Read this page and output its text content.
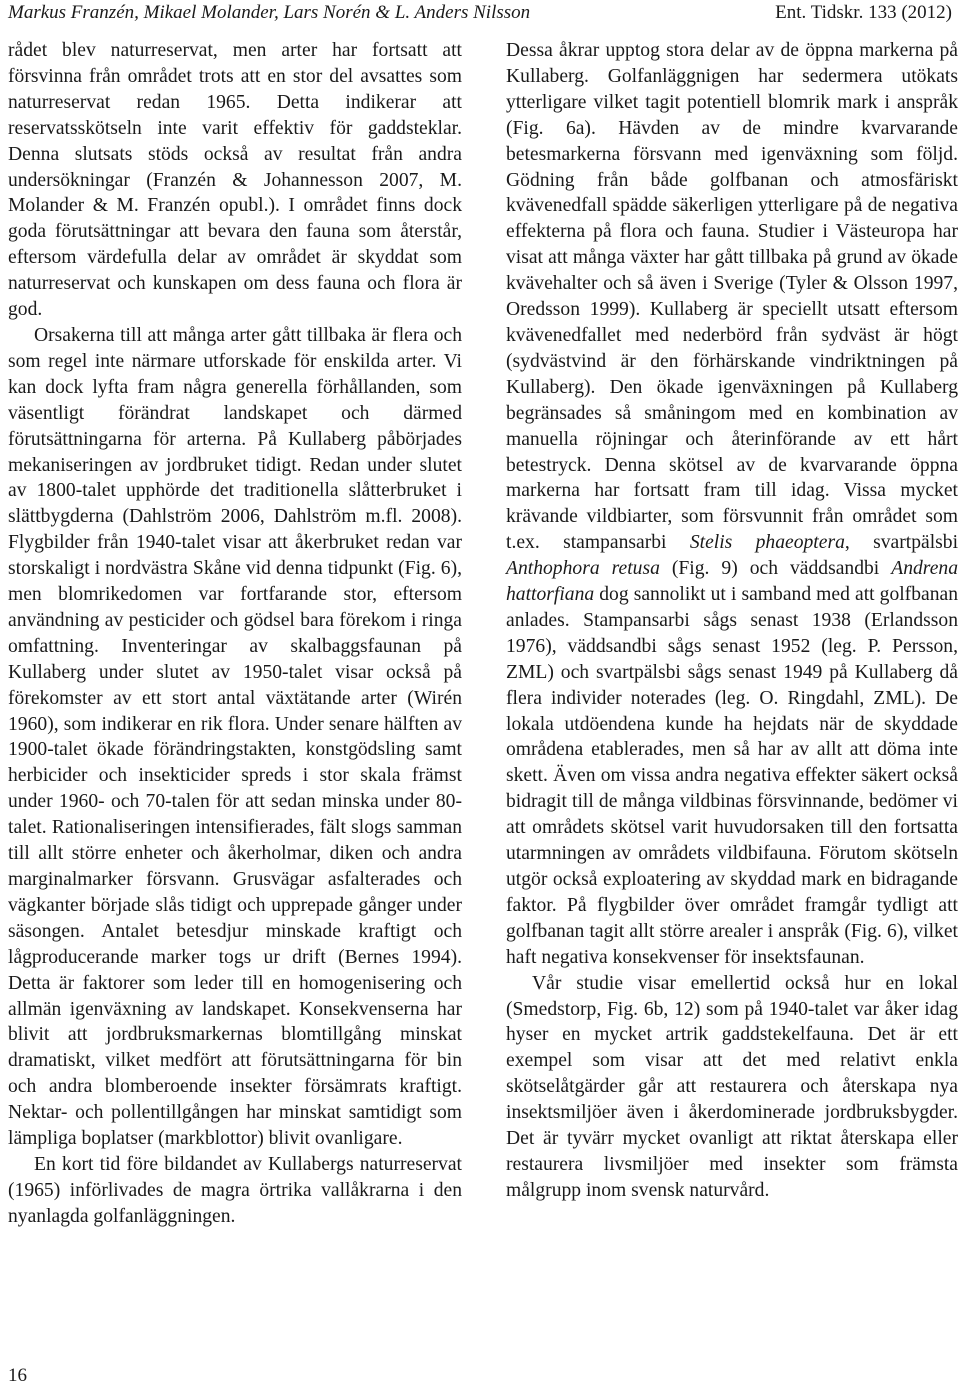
Markus Franzén, Mikael Molander, Lars Norén & L. Anders Nilsson	Ent. Tidskr. 133 (2012)

rådet blev naturreservat, men arter har fortsatt att försvinna från området trots att en stor del avsattes som naturreservat redan 1965. Detta indikerar att reservatsskötseln inte varit effektiv för gaddsteklar. Denna slutsats stöds också av resultat från andra undersökningar (Franzén & Johannesson 2007, M. Molander & M. Franzén opubl.). I området finns dock goda förutsättningar att bevara den fauna som återstår, eftersom värdefulla delar av området är skyddat som naturreservat och kunskapen om dess fauna och flora är god.

Orsakerna till att många arter gått tillbaka är flera och som regel inte närmare utforskade för enskilda arter. Vi kan dock lyfta fram några generella förhållanden, som väsentligt förändrat landskapet och därmed förutsättningarna för arterna. På Kullaberg påbörjades mekaniseringen av jordbruket tidigt. Redan under slutet av 1800-talet upphörde det traditionella slåtterbruket i slättbygderna (Dahlström 2006, Dahlström m.fl. 2008). Flygbilder från 1940-talet visar att åkerbruket redan var storskaligt i nordvästra Skåne vid denna tidpunkt (Fig. 6), men blomrikedomen var fortfarande stor, eftersom användning av pesticider och gödsel bara förekom i ringa omfattning. Inventeringar av skalbaggsfaunan på Kullaberg under slutet av 1950-talet visar också på förekomster av ett stort antal växtätande arter (Wirén 1960), som indikerar en rik flora. Under senare hälften av 1900-talet ökade förändringstakten, konstgödsling samt herbicider och insekticider spreds i stor skala främst under 1960- och 70-talen för att sedan minska under 80-talet. Rationaliseringen intensifierades, fält slogs samman till allt större enheter och åkerholmar, diken och andra marginalmarker försvann. Grusvägar asfalterades och vägkanter började slås tidigt och upprepade gånger under säsongen. Antalet betesdjur minskade kraftigt och lågproducerande marker togs ur drift (Bernes 1994). Detta är faktorer som leder till en homogenisering och allmän igenväxning av landskapet. Konsekvenserna har blivit att jordbruksmarkernas blomtillgång minskat dramatiskt, vilket medfört att förutsättningarna för bin och andra blomberoende insekter försämrats kraftigt. Nektar- och pollentillgången har minskat samtidigt som lämpliga boplatser (markblottor) blivit ovanligare.

En kort tid före bildandet av Kullabergs naturreservat (1965) införlivades de magra örtrika vallåkrarna i den nyanlagda golfanläggningen.

Dessa åkrar upptog stora delar av de öppna markerna på Kullaberg. Golfanläggnigen har sedermera utökats ytterligare vilket tagit potentiell blomrik mark i anspråk (Fig. 6a). Hävden av de mindre kvarvarande betesmarkerna försvann med igenväxning som följd. Gödning från både golfbanan och atmosfäriskt kvävenedfall spädde säkerligen ytterligare på de negativa effekterna på flora och fauna. Studier i Västeuropa har visat att många växter har gått tillbaka på grund av ökade kvävehalter och så även i Sverige (Tyler & Olsson 1997, Oredsson 1999). Kullaberg är speciellt utsatt eftersom kvävenedfallet med nederbörd från sydväst är högt (sydvästvind är den förhärskande vindriktningen på Kullaberg). Den ökade igenväxningen på Kullaberg begränsades så småningom med en kombination av manuella röjningar och återinförande av ett hårt betestryck. Denna skötsel av de kvarvarande öppna markerna har fortsatt fram till idag. Vissa mycket krävande vildbiarter, som försvunnit från området som t.ex. stampansarbi Stelis phaeoptera, svartpälsbi Anthophora retusa (Fig. 9) och väddsandbi Andrena hattorfiana dog sannolikt ut i samband med att golfbanan anlades. Stampansarbi sågs senast 1938 (Erlandsson 1976), väddsandbi sågs senast 1952 (leg. P. Persson, ZML) och svartpälsbi sågs senast 1949 på Kullaberg då flera individer noterades (leg. O. Ringdahl, ZML). De lokala utdöendena kunde ha hejdats när de skyddade områdena etablerades, men så har av allt att döma inte skett. Även om vissa andra negativa effekter säkert också bidragit till de många vildbinas försvinnande, bedömer vi att områdets skötsel varit huvudorsaken till den fortsatta utarmningen av områdets vildbifauna. Förutom skötseln utgör också exploatering av skyddad mark en bidragande faktor. På flygbilder över området framgår tydligt att golfbanan tagit allt större arealer i anspråk (Fig. 6), vilket haft negativa konsekvenser för insektsfaunan.

Vår studie visar emellertid också hur en lokal (Smedstorp, Fig. 6b, 12) som på 1940-talet var åker idag hyser en mycket artrik gaddstekelfauna. Det är ett exempel som visar att det med relativt enkla skötselåtgärder går att restaurera och återskapa nya insektsmiljöer även i åkerdominerade jordbruksbygder. Det är tyvärr mycket ovanligt att riktat återskapa eller restaurera livsmiljöer med insekter som främsta målgrupp inom svensk naturvård.

16
